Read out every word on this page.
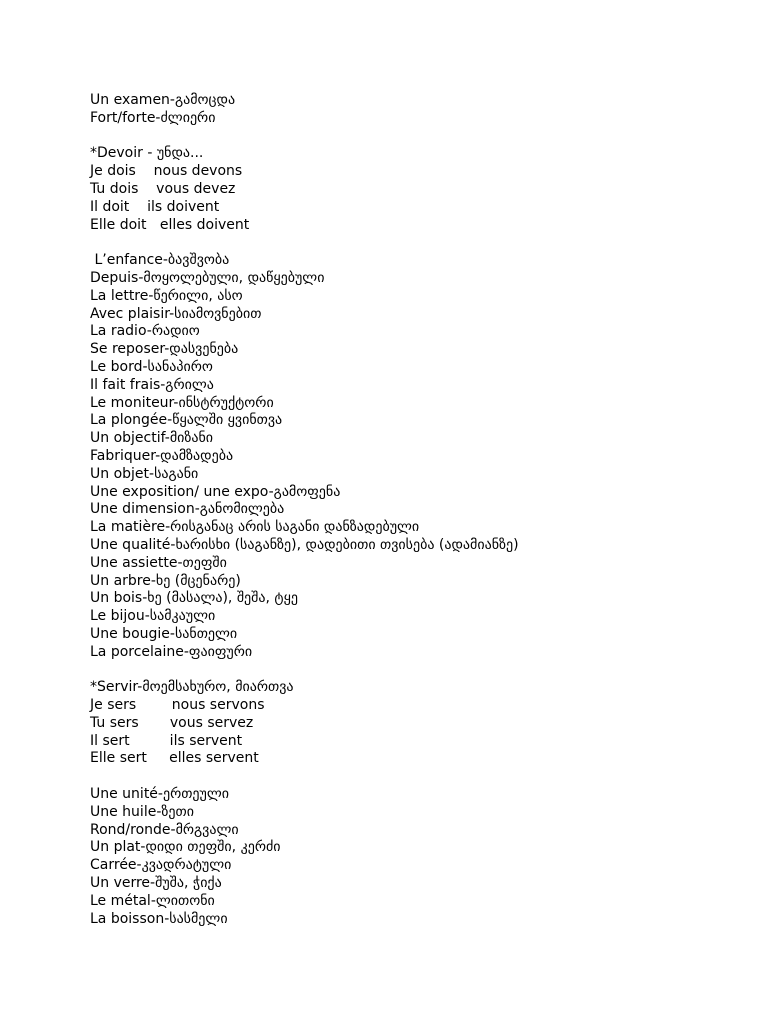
Un examen-გამოცდა
Fort/forte-ძლიერი
*Devoir - უნდა...
Je dois    nous devons
Tu dois    vous devez
Il doit    ils doivent
Elle doit   elles doivent
L’enfance-ბავშვობა
Depuis-მოყოლებული, დაწყებული
La lettre-წერილი, ასო
Avec plaisir-სიამოვნებით
La radio-რადიო
Se reposer-დასვენება
Le bord-სანაპირო
Il fait frais-გრილა
Le moniteur-ინსტრუქტორი
La plongée-წყალში ყვინთვა
Un objectif-მიზანი
Fabriquer-დამზადება
Un objet-საგანი
Une exposition/ une expo-გამოფენა
Une dimension-განომილება
La matière-რისგანაც არის საგანი დანზადებული
Une qualité-ხარისხი (საგანზე), დადებითი თვისება (ადამიანზე)
Une assiette-თეფში
Un arbre-ხე (მცენარე)
Un bois-ხე (მასალა), შეშა, ტყე
Le bijou-სამკაული
Une bougie-სანთელი
La porcelaine-ფაიფური
*Servir-მოემსახურო, მიართვა
Je sers        nous servons
Tu sers       vous servez
Il sert         ils servent
Elle sert     elles servent
Une unité-ერთეული
Une huile-ზეთი
Rond/ronde-მრგვალი
Un plat-დიდი თეფში, კერძი
Carrée-კვადრატული
Un verre-შუშა, ჭიქა
Le métal-ლითონი
La boisson-სასმელი
